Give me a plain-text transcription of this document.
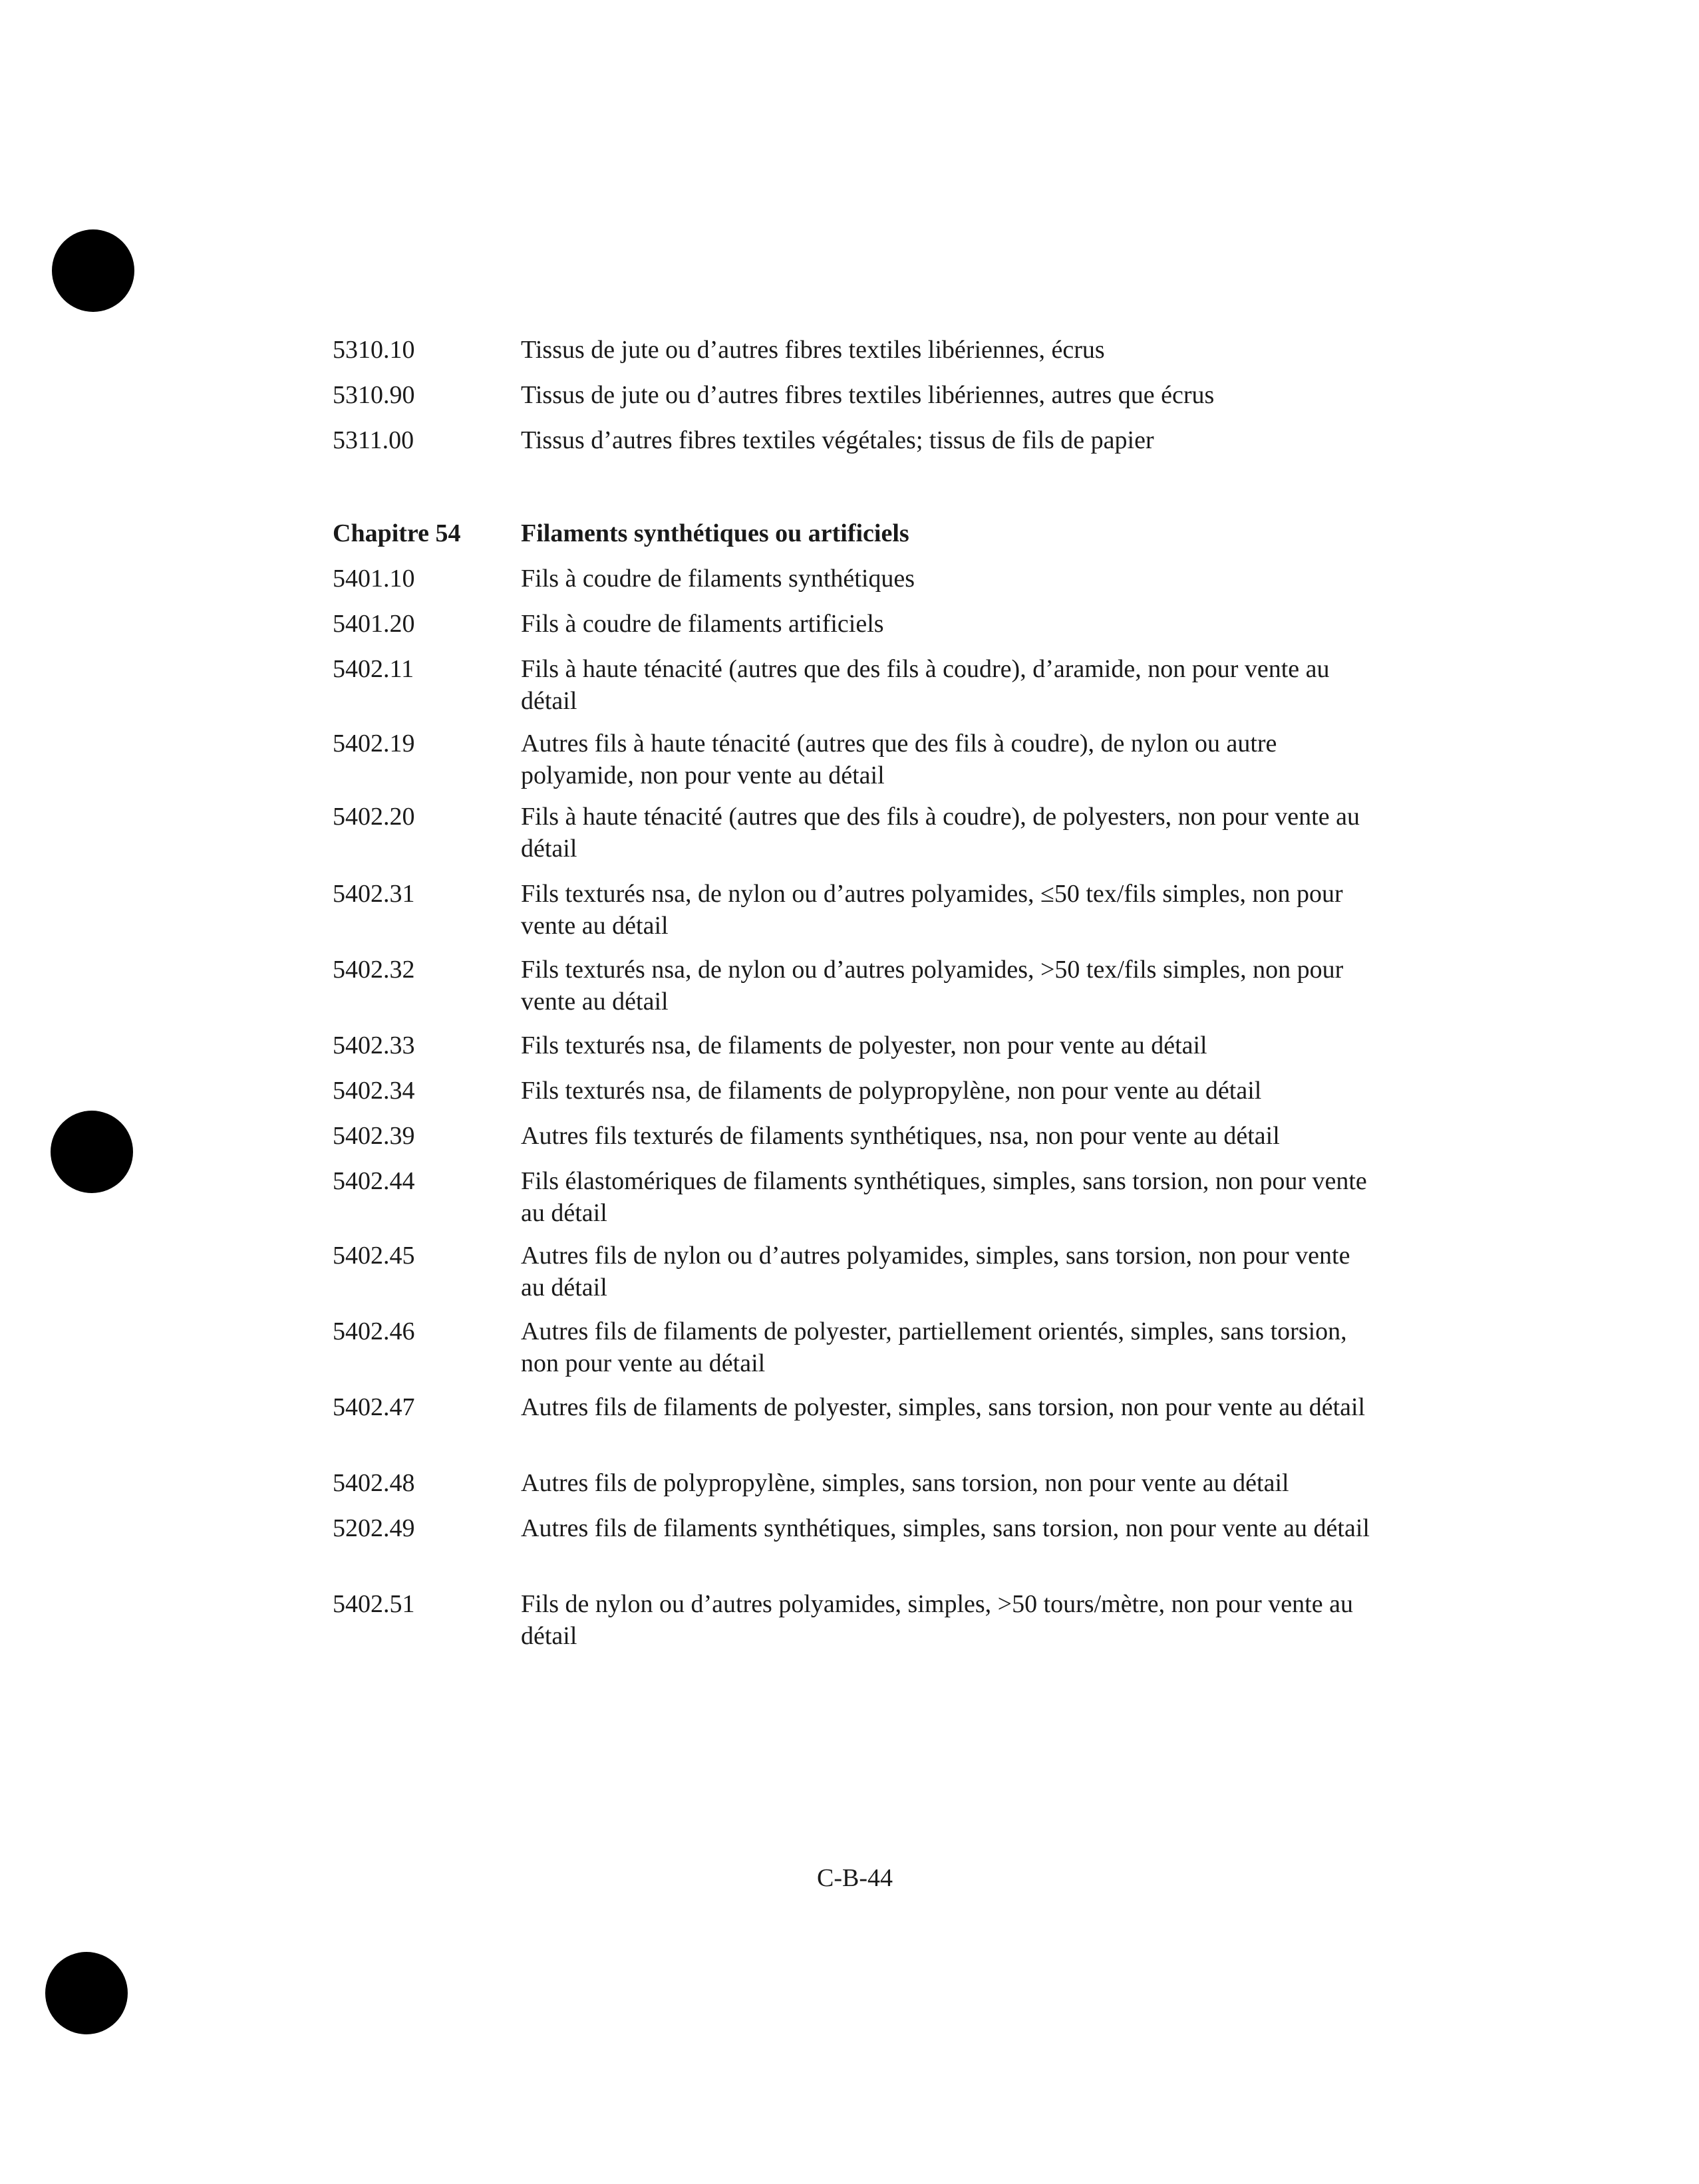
5310.10	Tissus de jute ou d’autres fibres textiles libériennes, écrus
5310.90	Tissus de jute ou d’autres fibres textiles libériennes, autres que écrus
5311.00	Tissus d’autres fibres textiles végétales; tissus de fils de papier
Chapitre 54 Filaments synthétiques ou artificiels
5401.10	Fils à coudre de filaments synthétiques
5401.20	Fils à coudre de filaments artificiels
5402.11	Fils à haute ténacité (autres que des fils à coudre), d’aramide, non pour vente au détail
5402.19	Autres fils à haute ténacité (autres que des fils à coudre), de nylon ou autre polyamide, non pour vente au détail
5402.20	Fils à haute ténacité (autres que des fils à coudre), de polyesters, non pour vente au détail
5402.31	Fils texturés nsa, de nylon ou d’autres polyamides, ≤50 tex/fils simples, non pour vente au détail
5402.32	Fils texturés nsa, de nylon ou d’autres polyamides, >50 tex/fils simples, non pour vente au détail
5402.33	Fils texturés nsa, de filaments de polyester, non pour vente au détail
5402.34	Fils texturés nsa, de filaments de polypropylène, non pour vente au détail
5402.39	Autres fils texturés de filaments synthétiques, nsa, non pour vente au détail
5402.44	Fils élastomériques de filaments synthétiques, simples, sans torsion, non pour vente au détail
5402.45	Autres fils de nylon ou d’autres polyamides, simples, sans torsion, non pour vente au détail
5402.46	Autres fils de filaments de polyester, partiellement orientés, simples, sans torsion, non pour vente au détail
5402.47	Autres fils de filaments de polyester, simples, sans torsion, non pour vente au détail
5402.48	Autres fils de polypropylène, simples, sans torsion, non pour vente au détail
5202.49	Autres fils de filaments synthétiques, simples, sans torsion, non pour vente au détail
5402.51	Fils de nylon ou d’autres polyamides, simples, >50 tours/mètre, non pour vente au détail
C-B-44
